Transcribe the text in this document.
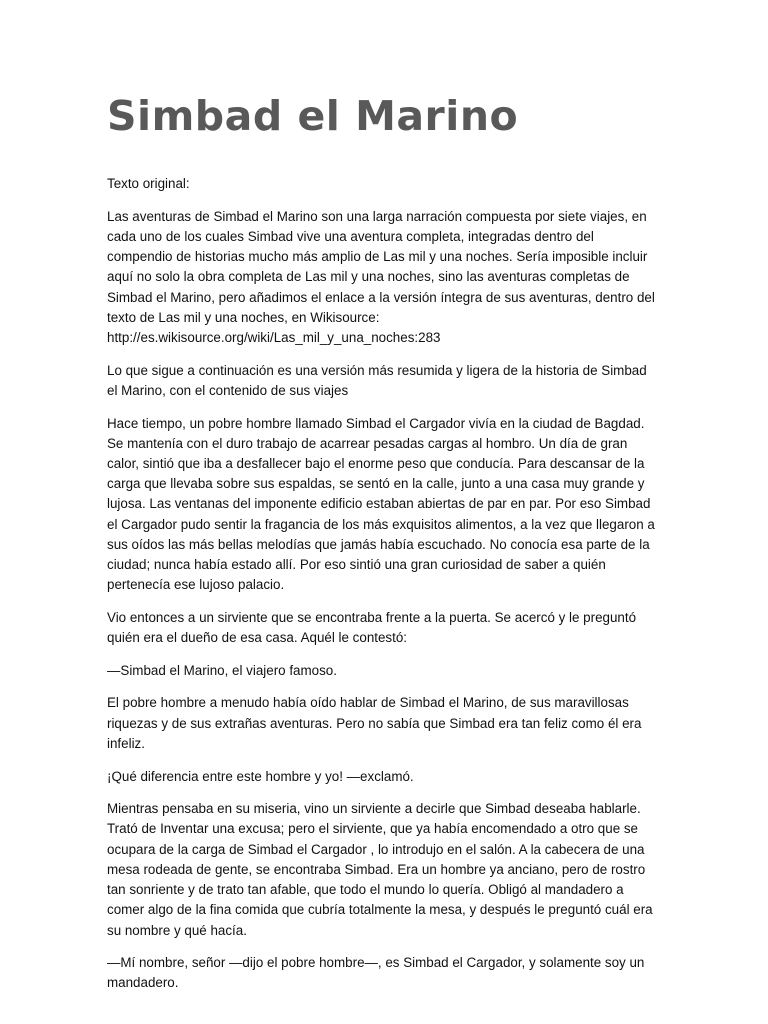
Simbad el Marino

Texto original:

Las aventuras de Simbad el Marino son una larga narración compuesta por siete viajes, en cada uno de los cuales Simbad vive una aventura completa, integradas dentro del compendio de historias mucho más amplio de Las mil y una noches. Sería imposible incluir aquí no solo la obra completa de Las mil y una noches, sino las aventuras completas de Simbad el Marino, pero añadimos el enlace a la versión íntegra de sus aventuras, dentro del texto de Las mil y una noches, en Wikisource: http://es.wikisource.org/wiki/Las_mil_y_una_noches:283

Lo que sigue a continuación es una versión más resumida y ligera de la historia de Simbad el Marino, con el contenido de sus viajes

Hace tiempo, un pobre hombre llamado Simbad el Cargador vivía en la ciudad de Bagdad. Se mantenía con el duro trabajo de acarrear pesadas cargas al hombro. Un día de gran calor, sintió que iba a desfallecer bajo el enorme peso que conducía. Para descansar de la carga que llevaba sobre sus espaldas, se sentó en la calle, junto a una casa muy grande y lujosa. Las ventanas del imponente edificio estaban abiertas de par en par. Por eso Simbad el Cargador pudo sentir la fragancia de los más exquisitos alimentos, a la vez que llegaron a sus oídos las más bellas melodías que jamás había escuchado. No conocía esa parte de la ciudad; nunca había estado allí. Por eso sintió una gran curiosidad de saber a quién pertenecía ese lujoso palacio.

Vio entonces a un sirviente que se encontraba frente a la puerta. Se acercó y le preguntó quién era el dueño de esa casa. Aquél le contestó:

—Simbad el Marino, el viajero famoso.

El pobre hombre a menudo había oído hablar de Simbad el Marino, de sus maravillosas riquezas y de sus extrañas aventuras. Pero no sabía que Simbad era tan feliz como él era infeliz.

¡Qué diferencia entre este hombre y yo! —exclamó.

Mientras pensaba en su miseria, vino un sirviente a decirle que Simbad deseaba hablarle. Trató de Inventar una excusa; pero el sirviente, que ya había encomendado a otro que se ocupara de la carga de Simbad el Cargador , lo introdujo en el salón. A la cabecera de una mesa rodeada de gente, se encontraba Simbad. Era un hombre ya anciano, pero de rostro tan sonriente y de trato tan afable, que todo el mundo lo quería. Obligó al mandadero a comer algo de la fina comida que cubría totalmente la mesa, y después le preguntó cuál era su nombre y qué hacía.

—Mí nombre, señor —dijo el pobre hombre—, es Simbad el Cargador, y solamente soy un mandadero.
